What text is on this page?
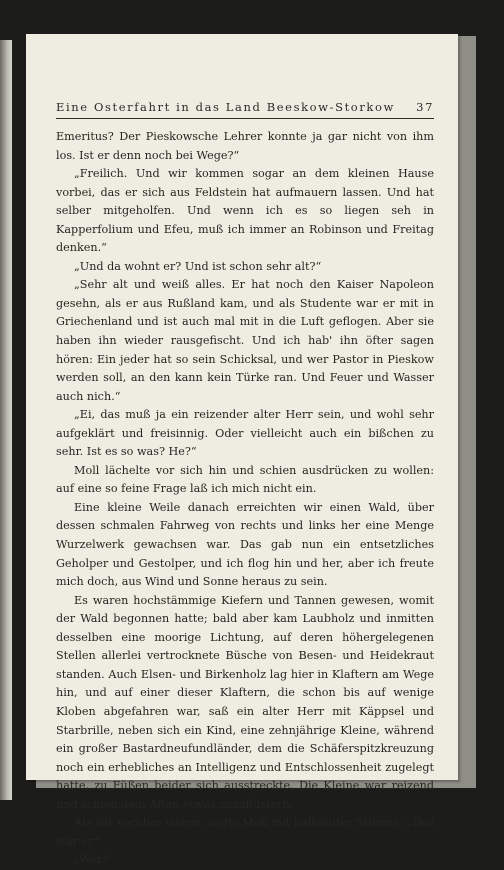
Eine Osterfahrt in das Land Beeskow-Storkow 37

Emeritus? Der Pieskowsche Lehrer konnte ja gar nicht von ihm los. Ist er denn noch bei Wege?“

„Freilich. Und wir kommen sogar an dem kleinen Hause vorbei, das er sich aus Feldstein hat aufmauern lassen. Und hat selber mitgeholfen. Und wenn ich es so liegen seh in Kapperfolium und Efeu, muß ich immer an Robinson und Freitag denken.“

„Und da wohnt er? Und ist schon sehr alt?“

„Sehr alt und weiß alles. Er hat noch den Kaiser Napoleon gesehn, als er aus Rußland kam, und als Studente war er mit in Griechenland und ist auch mal mit in die Luft geflogen. Aber sie haben ihn wieder rausgefischt. Und ich hab' ihn öfter sagen hören: Ein jeder hat so sein Schicksal, und wer Pastor in Pieskow werden soll, an den kann kein Türke ran. Und Feuer und Wasser auch nich.“

„Ei, das muß ja ein reizender alter Herr sein, und wohl sehr aufgeklärt und freisinnig. Oder vielleicht auch ein bißchen zu sehr. Ist es so was? He?“

Moll lächelte vor sich hin und schien ausdrücken zu wollen: auf eine so feine Frage laß ich mich nicht ein.

Eine kleine Weile danach erreichten wir einen Wald, über dessen schmalen Fahrweg von rechts und links her eine Menge Wurzelwerk gewachsen war. Das gab nun ein entsetzliches Geholper und Gestolper, und ich flog hin und her, aber ich freute mich doch, aus Wind und Sonne heraus zu sein.

Es waren hochstämmige Kiefern und Tannen gewesen, womit der Wald begonnen hatte; bald aber kam Laubholz und inmitten desselben eine moorige Lichtung, auf deren höhergelegenen Stellen allerlei vertrocknete Büsche von Besen- und Heidekraut standen. Auch Elsen- und Birkenholz lag hier in Klaftern am Wege hin, und auf einer dieser Klaftern, die schon bis auf wenige Kloben abgefahren war, saß ein alter Herr mit Käppsel und Starbrille, neben sich ein Kind, eine zehnjährige Kleine, während ein großer Bastardneufundländer, dem die Schäferspitzkreuzung noch ein erhebliches an Intelligenz und Entschlossenheit zugelegt hatte, zu Füßen beider sich ausstreckte. Die Kleine war reizend und schien dem Alten etwas zuzuflüstern.

Als wir vorüber waren, sagte Moll mit halblauter Stimme: „Das war er.“

„Wer?“
